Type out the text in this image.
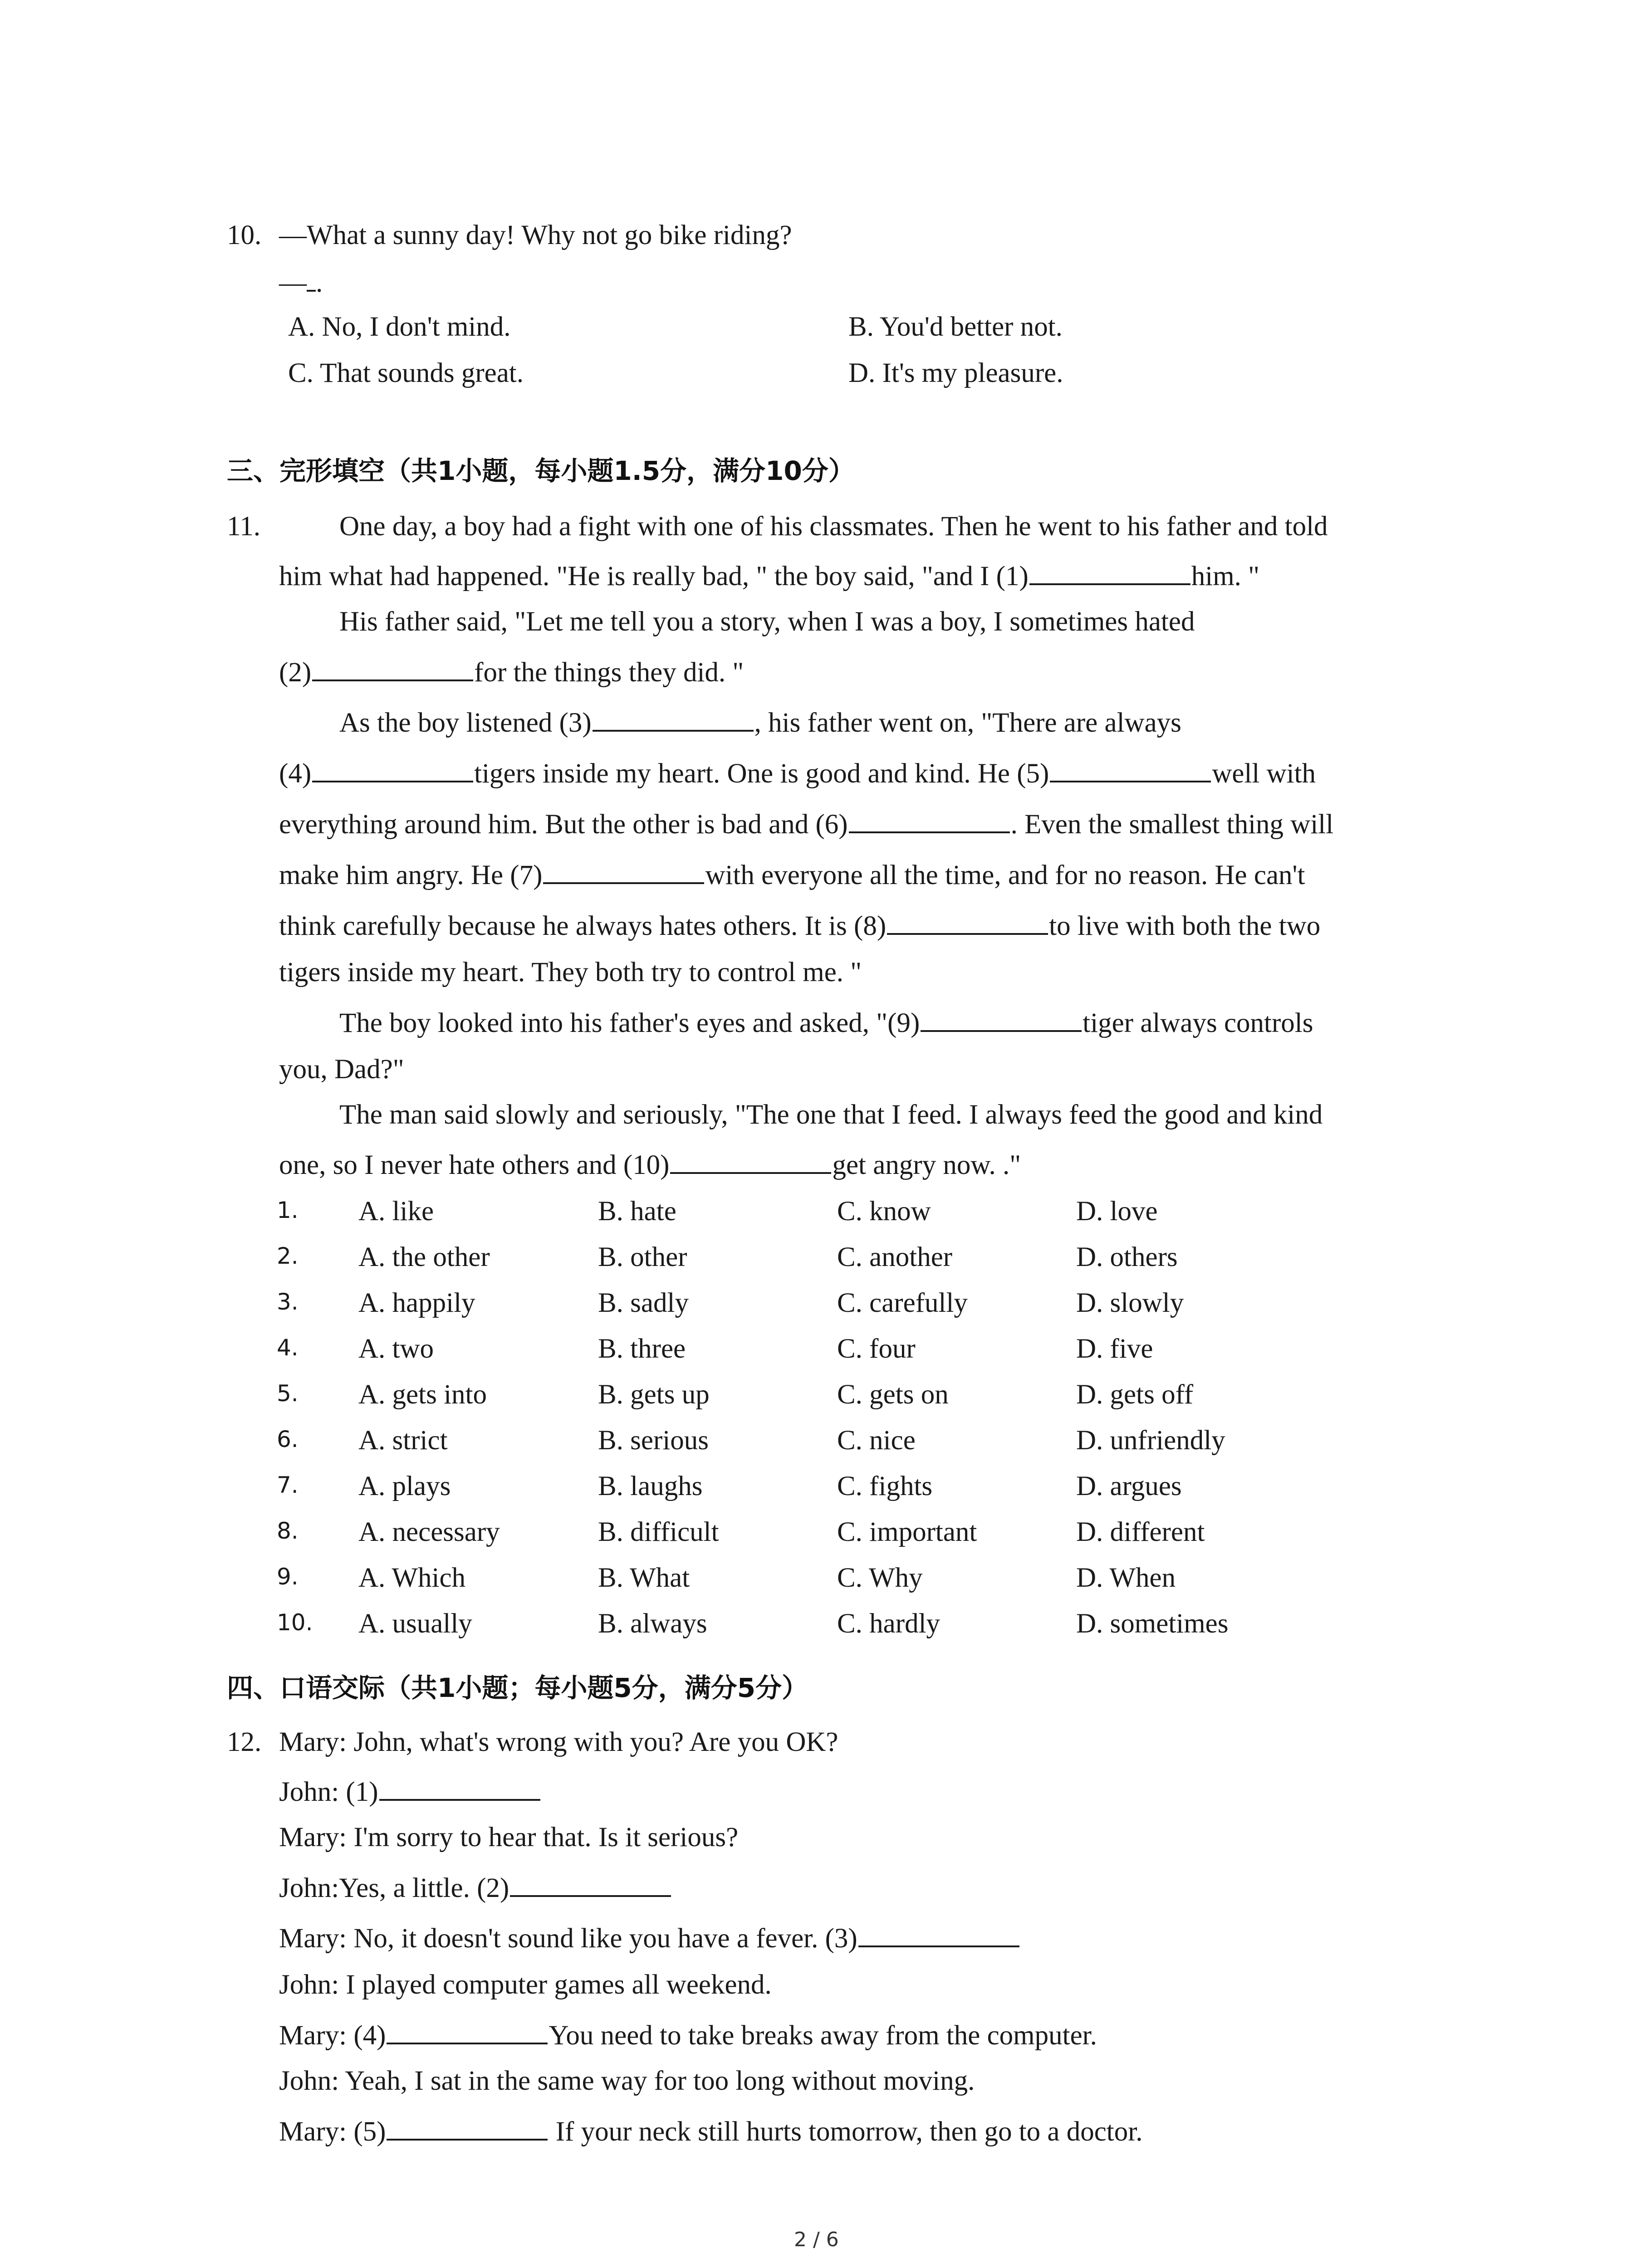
10. —What a sunny day! Why not go bike riding?
— .
A. No, I don't mind.	B. You'd better not.
C. That sounds great.	D. It's my pleasure.
三、完形填空（共1小题，每小题1.5分，满分10分）
11.	One day, a boy had a fight with one of his classmates. Then he went to his father and told
him what had happened. "He is really bad, " the boy said, "and I (1)	him. "
His father said, "Let me tell you a story, when I was a boy, I sometimes hated
(2)	for the things they did. "
As the boy listened (3)	, his father went on, "There are always
(4)	tigers inside my heart. One is good and kind. He (5)	well with
everything around him. But the other is bad and (6)	. Even the smallest thing will
make him angry. He (7)	with everyone all the time, and for no reason. He can't
think carefully because he always hates others. It is (8)	to live with both the two
tigers inside my heart. They both try to control me. "
The boy looked into his father's eyes and asked, "(9)	tiger always controls
you, Dad?"
The man said slowly and seriously, "The one that I feed. I always feed the good and kind
one, so I never hate others and (10)	get angry now. ."
1. A. like	B. hate	C. know	D. love
2. A. the other	B. other	C. another	D. others
3. A. happily	B. sadly	C. carefully	D. slowly
4. A. two	B. three	C. four	D. five
5. A. gets into	B. gets up	C. gets on	D. gets off
6. A. strict	B. serious	C. nice	D. unfriendly
7. A. plays	B. laughs	C. fights	D. argues
8. A. necessary	B. difficult	C. important	D. different
9. A. Which	B. What	C. Why	D. When
10. A. usually	B. always	C. hardly	D. sometimes
四、口语交际（共1小题；每小题5分，满分5分）
12. Mary: John, what's wrong with you? Are you OK?
John: (1)
Mary: I'm sorry to hear that. Is it serious?
John:Yes, a little. (2)
Mary: No, it doesn't sound like you have a fever. (3)
John: I played computer games all weekend.
Mary: (4)	You need to take breaks away from the computer.
John: Yeah, I sat in the same way for too long without moving.
Mary: (5)	If your neck still hurts tomorrow, then go to a doctor.
2 / 6
